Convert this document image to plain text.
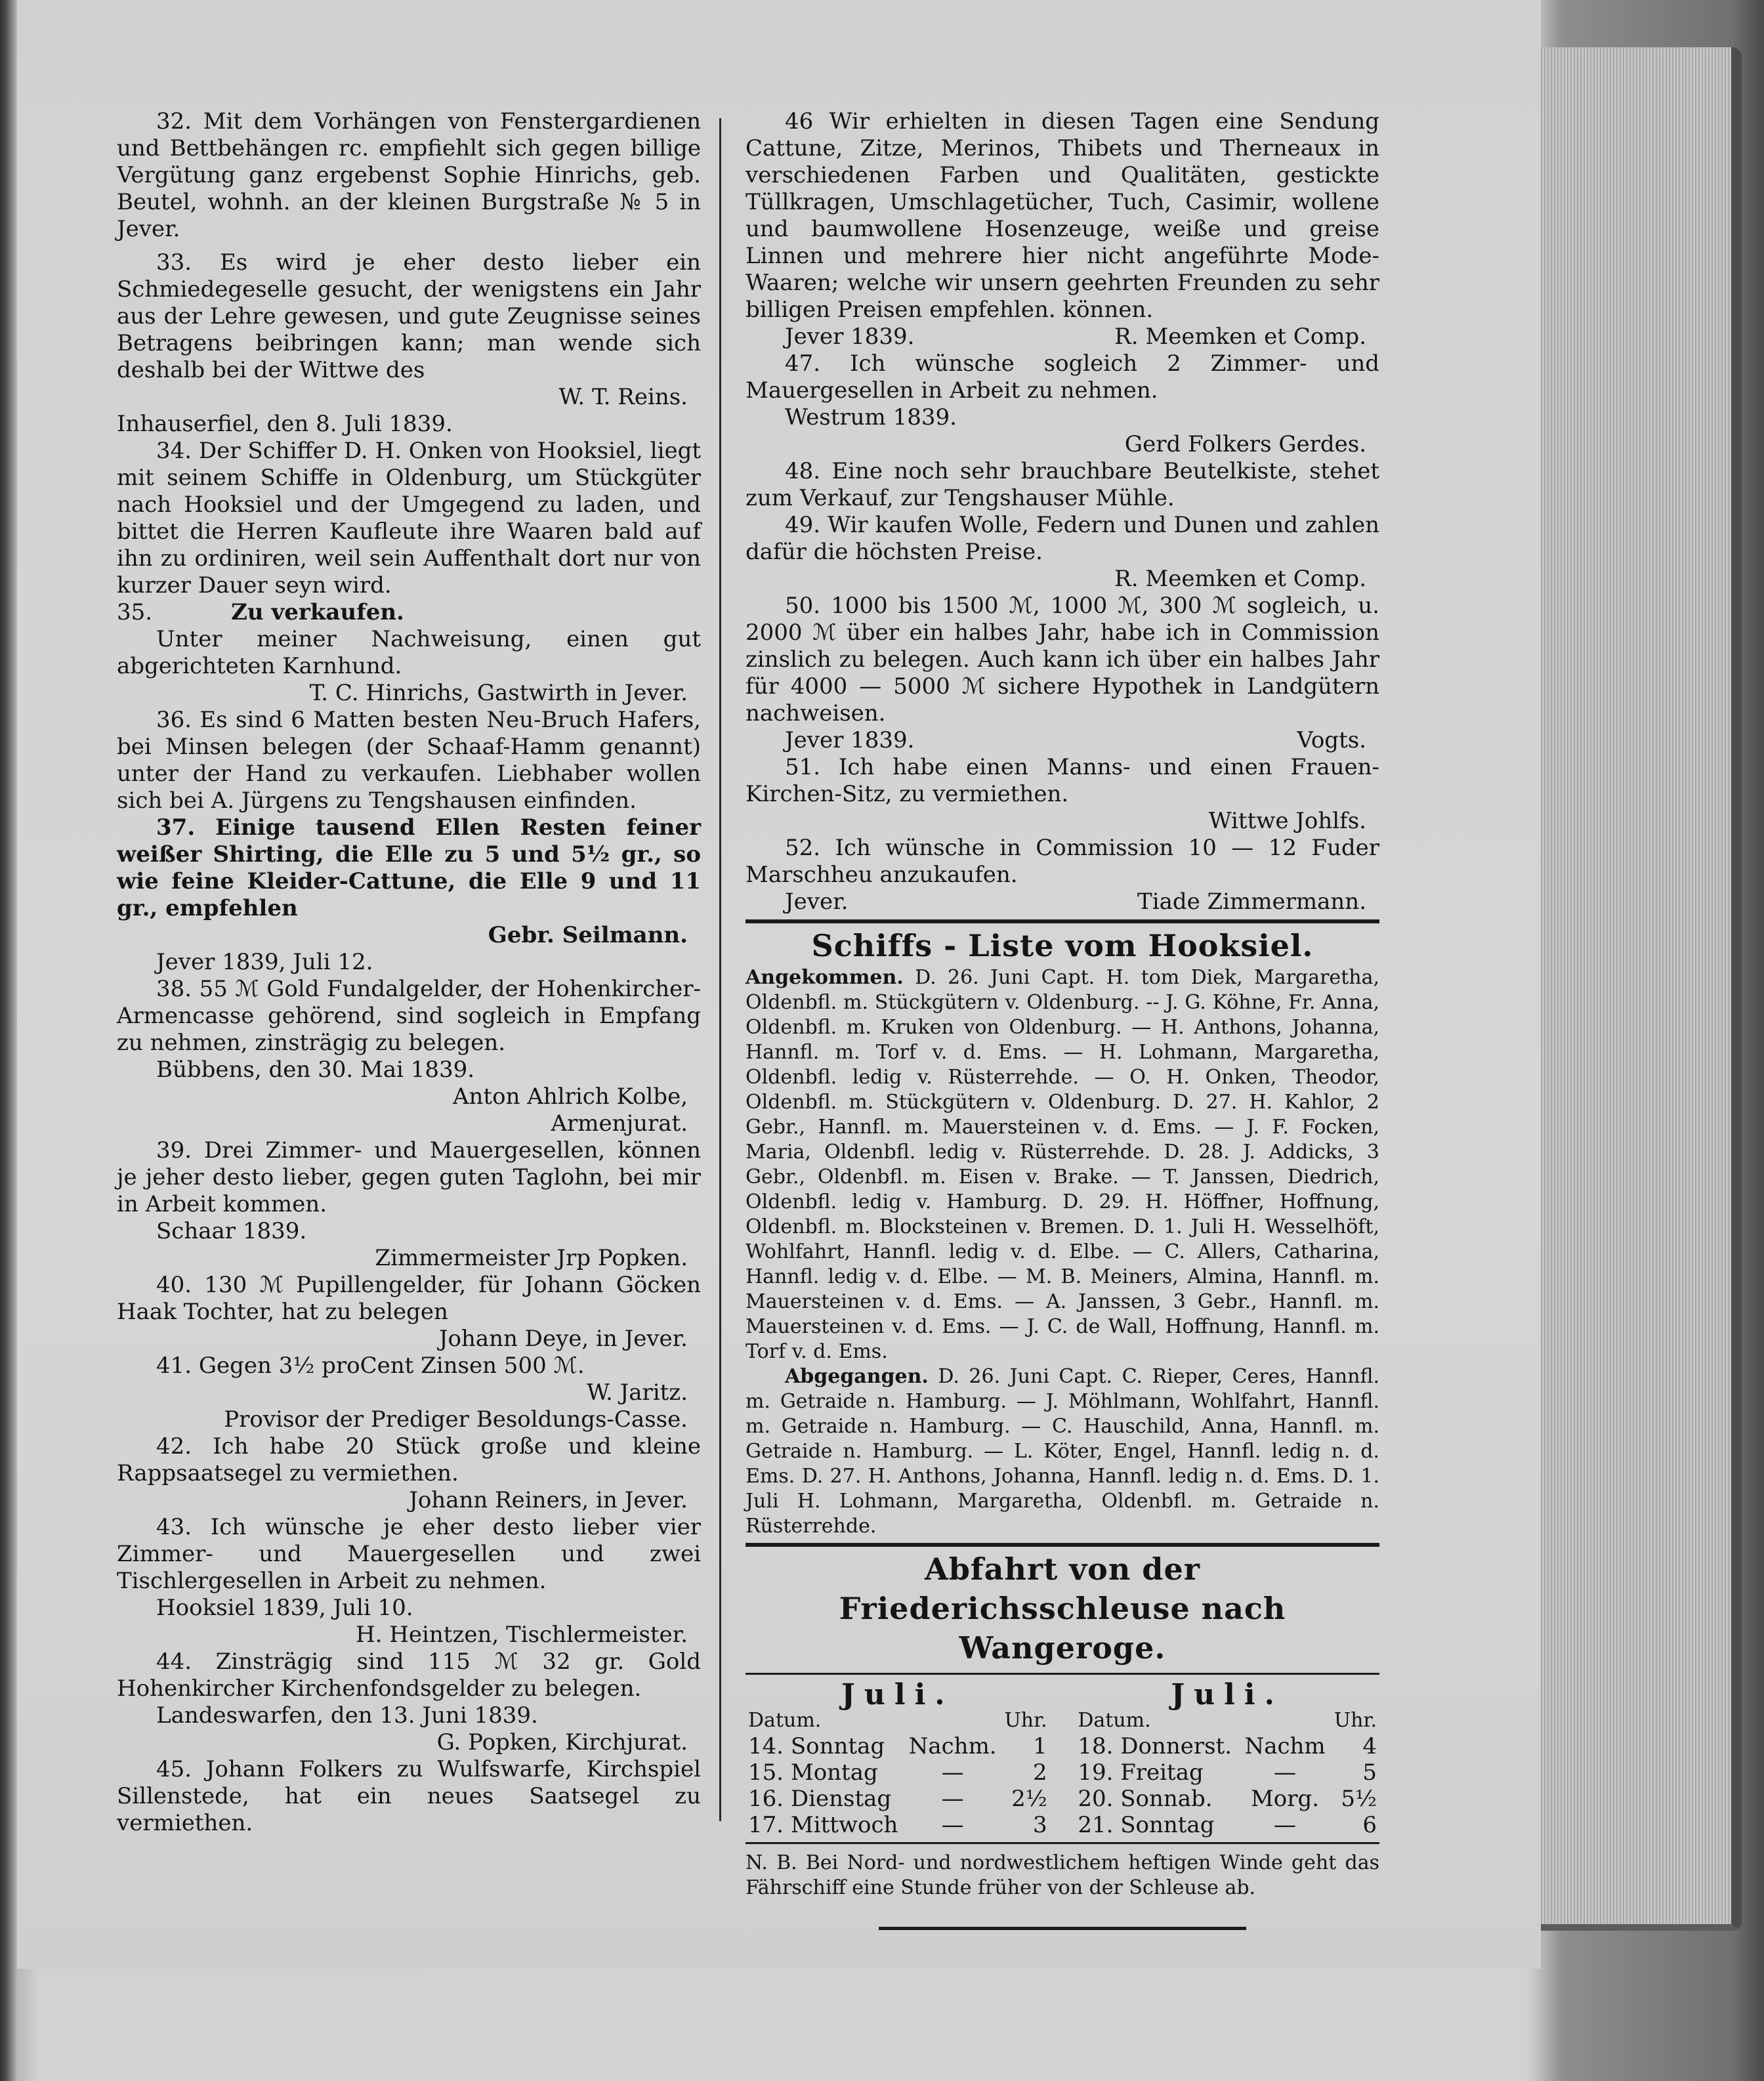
32. Mit dem Vorhängen von Fenstergardienen und Bettbehängen rc. empfiehlt sich gegen billige Vergütung ganz ergebenst Sophie Hinrichs, geb. Beutel, wohnh. an der kleinen Burgstraße № 5 in Jever.

33. Es wird je eher desto lieber ein Schmiedegeselle gesucht, der wenigstens ein Jahr aus der Lehre gewesen, und gute Zeugnisse seines Betragens beibringen kann; man wende sich deshalb bei der Wittwe des

W. T. Reins.

Inhauserfiel, den 8. Juli 1839.

34. Der Schiffer D. H. Onken von Hooksiel, liegt mit seinem Schiffe in Oldenburg, um Stückgüter nach Hooksiel und der Umgegend zu laden, und bittet die Herren Kaufleute ihre Waaren bald auf ihn zu ordiniren, weil sein Auffenthalt dort nur von kurzer Dauer seyn wird.

35.	Zu verkaufen.

Unter meiner Nachweisung, einen gut abgerichteten Karnhund.

T. C. Hinrichs, Gastwirth in Jever.

36. Es sind 6 Matten besten Neu-Bruch Hafers, bei Minsen belegen (der Schaaf-Hamm genannt) unter der Hand zu verkaufen. Liebhaber wollen sich bei A. Jürgens zu Tengshausen einfinden.

37. Einige tausend Ellen Resten feiner weißer Shirting, die Elle zu 5 und 5½ gr., so wie feine Kleider-Cattune, die Elle 9 und 11 gr., empfehlen

Gebr. Seilmann.

Jever 1839, Juli 12.

38. 55 ℳ Gold Fundalgelder, der Hohenkircher-Armencasse gehörend, sind sogleich in Empfang zu nehmen, zinsträgig zu belegen.

Bübbens, den 30. Mai 1839.

Anton Ahlrich Kolbe,

Armenjurat.

39. Drei Zimmer- und Mauergesellen, können je jeher desto lieber, gegen guten Taglohn, bei mir in Arbeit kommen.

Schaar 1839.

Zimmermeister Jrp Popken.

40. 130 ℳ Pupillengelder, für Johann Göcken Haak Tochter, hat zu belegen

Johann Deye, in Jever.

41. Gegen 3½ proCent Zinsen 500 ℳ.

W. Jaritz.

Provisor der Prediger Besoldungs-Casse.

42. Ich habe 20 Stück große und kleine Rappsaatsegel zu vermiethen.

Johann Reiners, in Jever.

43. Ich wünsche je eher desto lieber vier Zimmer- und Mauergesellen und zwei Tischlergesellen in Arbeit zu nehmen.

Hooksiel 1839, Juli 10.

H. Heintzen, Tischlermeister.

44. Zinsträgig sind 115 ℳ 32 gr. Gold Hohenkircher Kirchenfondsgelder zu belegen.

Landeswarfen, den 13. Juni 1839.

G. Popken, Kirchjurat.

45. Johann Folkers zu Wulfswarfe, Kirchspiel Sillenstede, hat ein neues Saatsegel zu vermiethen.

46 Wir erhielten in diesen Tagen eine Sendung Cattune, Zitze, Merinos, Thibets und Therneaux in verschiedenen Farben und Qualitäten, gestickte Tüllkragen, Umschlagetücher, Tuch, Casimir, wollene und baumwollene Hosenzeuge, weiße und greise Linnen und mehrere hier nicht angeführte Mode-Waaren; welche wir unsern geehrten Freunden zu sehr billigen Preisen empfehlen. können.

Jever 1839.	R. Meemken et Comp.

47. Ich wünsche sogleich 2 Zimmer- und Mauergesellen in Arbeit zu nehmen.

Westrum 1839.

Gerd Folkers Gerdes.

48. Eine noch sehr brauchbare Beutelkiste, stehet zum Verkauf, zur Tengshauser Mühle.

49. Wir kaufen Wolle, Federn und Dunen und zahlen dafür die höchsten Preise.

R. Meemken et Comp.

50. 1000 bis 1500 ℳ, 1000 ℳ, 300 ℳ sogleich, u. 2000 ℳ über ein halbes Jahr, habe ich in Commission zinslich zu belegen. Auch kann ich über ein halbes Jahr für 4000 — 5000 ℳ sichere Hypothek in Landgütern nachweisen.

Jever 1839.	Vogts.

51. Ich habe einen Manns- und einen Frauen-Kirchen-Sitz, zu vermiethen.

Wittwe Johlfs.

52. Ich wünsche in Commission 10 — 12 Fuder Marschheu anzukaufen.

Jever.	Tiade Zimmermann.

Schiffs - Liste vom Hooksiel.

Angekommen. D. 26. Juni Capt. H. tom Diek, Margaretha, Oldenbfl. m. Stückgütern v. Oldenburg. -- J. G. Köhne, Fr. Anna, Oldenbfl. m. Kruken von Oldenburg. — H. Anthons, Johanna, Hannfl. m. Torf v. d. Ems. — H. Lohmann, Margaretha, Oldenbfl. ledig v. Rüsterrehde. — O. H. Onken, Theodor, Oldenbfl. m. Stückgütern v. Oldenburg. D. 27. H. Kahlor, 2 Gebr., Hannfl. m. Mauersteinen v. d. Ems. — J. F. Focken, Maria, Oldenbfl. ledig v. Rüsterrehde. D. 28. J. Addicks, 3 Gebr., Oldenbfl. m. Eisen v. Brake. — T. Janssen, Diedrich, Oldenbfl. ledig v. Hamburg. D. 29. H. Höffner, Hoffnung, Oldenbfl. m. Blocksteinen v. Bremen. D. 1. Juli H. Wesselhöft, Wohlfahrt, Hannfl. ledig v. d. Elbe. — C. Allers, Catharina, Hannfl. ledig v. d. Elbe. — M. B. Meiners, Almina, Hannfl. m. Mauersteinen v. d. Ems. — A. Janssen, 3 Gebr., Hannfl. m. Mauersteinen v. d. Ems. — J. C. de Wall, Hoffnung, Hannfl. m. Torf v. d. Ems.

Abgegangen. D. 26. Juni Capt. C. Rieper, Ceres, Hannfl. m. Getraide n. Hamburg. — J. Möhlmann, Wohlfahrt, Hannfl. m. Getraide n. Hamburg. — C. Hauschild, Anna, Hannfl. m. Getraide n. Hamburg. — L. Köter, Engel, Hannfl. ledig n. d. Ems. D. 27. H. Anthons, Johanna, Hannfl. ledig n. d. Ems. D. 1. Juli H. Lohmann, Margaretha, Oldenbfl. m. Getraide n. Rüsterrehde.

Abfahrt von der Friederichsschleuse nach Wangeroge.
Juli.
Datum.		Uhr.
14. Sonntag	Nachm.	1
15. Montag	—	2
16. Dienstag	—	2½
17. Mittwoch	—	3
Juli.
Datum.		Uhr.
18. Donnerst.	Nachm	4
19. Freitag	—	5
20. Sonnab.	Morg.	5½
21. Sonntag	—	6

N. B. Bei Nord- und nordwestlichem heftigen Winde geht das Fährschiff eine Stunde früher von der Schleuse ab.
